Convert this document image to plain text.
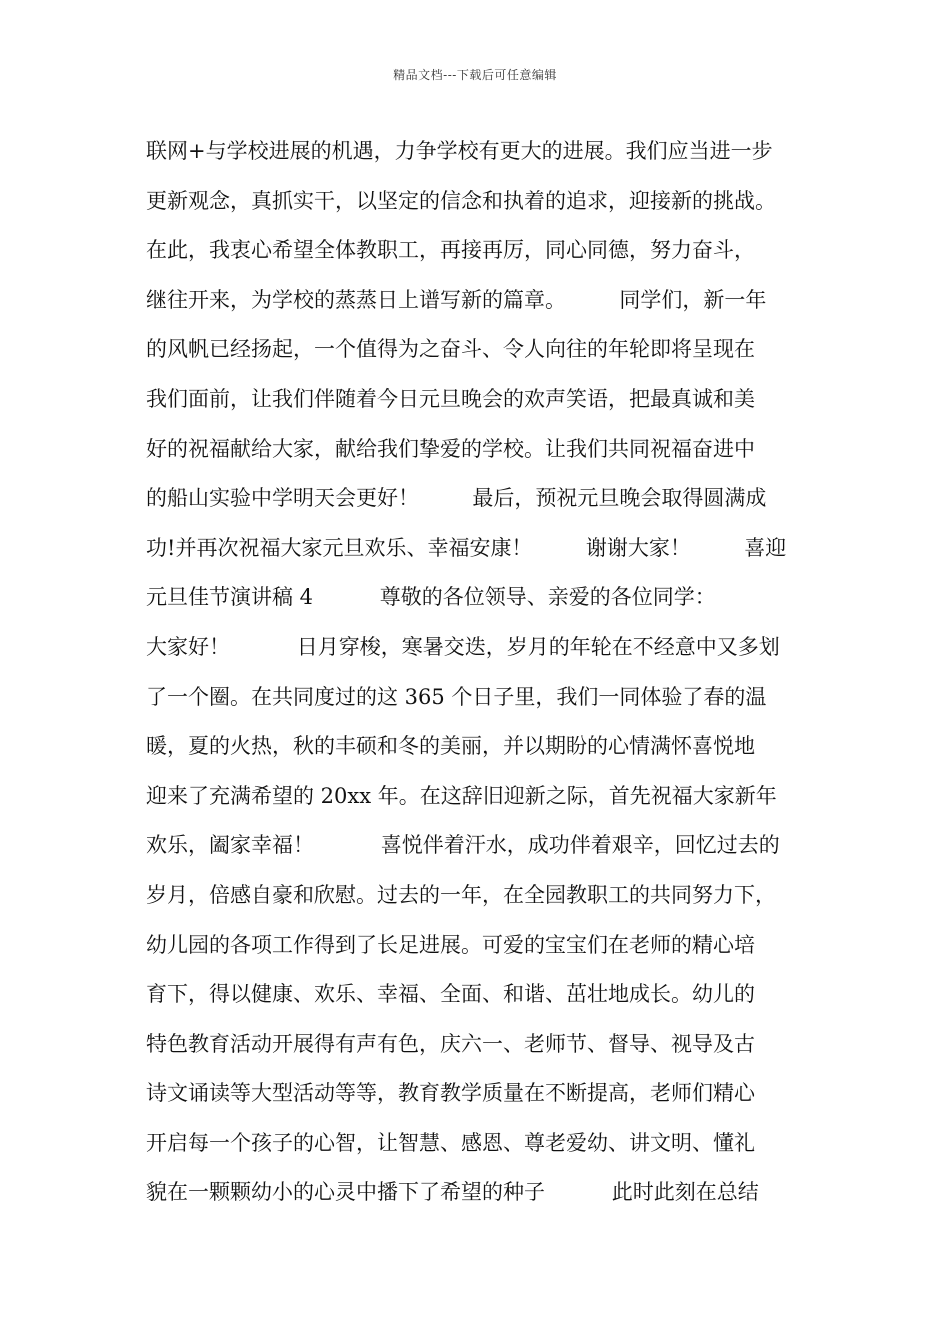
精品文档---下载后可任意编辑
联网+与学校进展的机遇，力争学校有更大的进展。我们应当进一步
更新观念，真抓实干，以坚定的信念和执着的追求，迎接新的挑战。
在此，我衷心希望全体教职工，再接再厉，同心同德，努力奋斗，
继往开来，为学校的蒸蒸日上谱写新的篇章。        同学们，新一年
的风帆已经扬起，一个值得为之奋斗、令人向往的年轮即将呈现在
我们面前，让我们伴随着今日元旦晚会的欢声笑语，把最真诚和美
好的祝福献给大家，献给我们挚爱的学校。让我们共同祝福奋进中
的船山实验中学明天会更好！        最后，预祝元旦晚会取得圆满成
功!并再次祝福大家元旦欢乐、幸福安康！        谢谢大家！        喜迎
元旦佳节演讲稿 4          尊敬的各位领导、亲爱的各位同学：
大家好！          日月穿梭，寒暑交迭，岁月的年轮在不经意中又多划
了一个圈。在共同度过的这 365 个日子里，我们一同体验了春的温
暖，夏的火热，秋的丰硕和冬的美丽，并以期盼的心情满怀喜悦地
迎来了充满希望的 20xx 年。在这辞旧迎新之际，首先祝福大家新年
欢乐，阖家幸福！          喜悦伴着汗水，成功伴着艰辛，回忆过去的
岁月，倍感自豪和欣慰。过去的一年，在全园教职工的共同努力下，
幼儿园的各项工作得到了长足进展。可爱的宝宝们在老师的精心培
育下，得以健康、欢乐、幸福、全面、和谐、茁壮地成长。幼儿的
特色教育活动开展得有声有色，庆六一、老师节、督导、视导及古
诗文诵读等大型活动等等，教育教学质量在不断提高，老师们精心
开启每一个孩子的心智，让智慧、感恩、尊老爱幼、讲文明、懂礼
貌在一颗颗幼小的心灵中播下了希望的种子          此时此刻在总结
